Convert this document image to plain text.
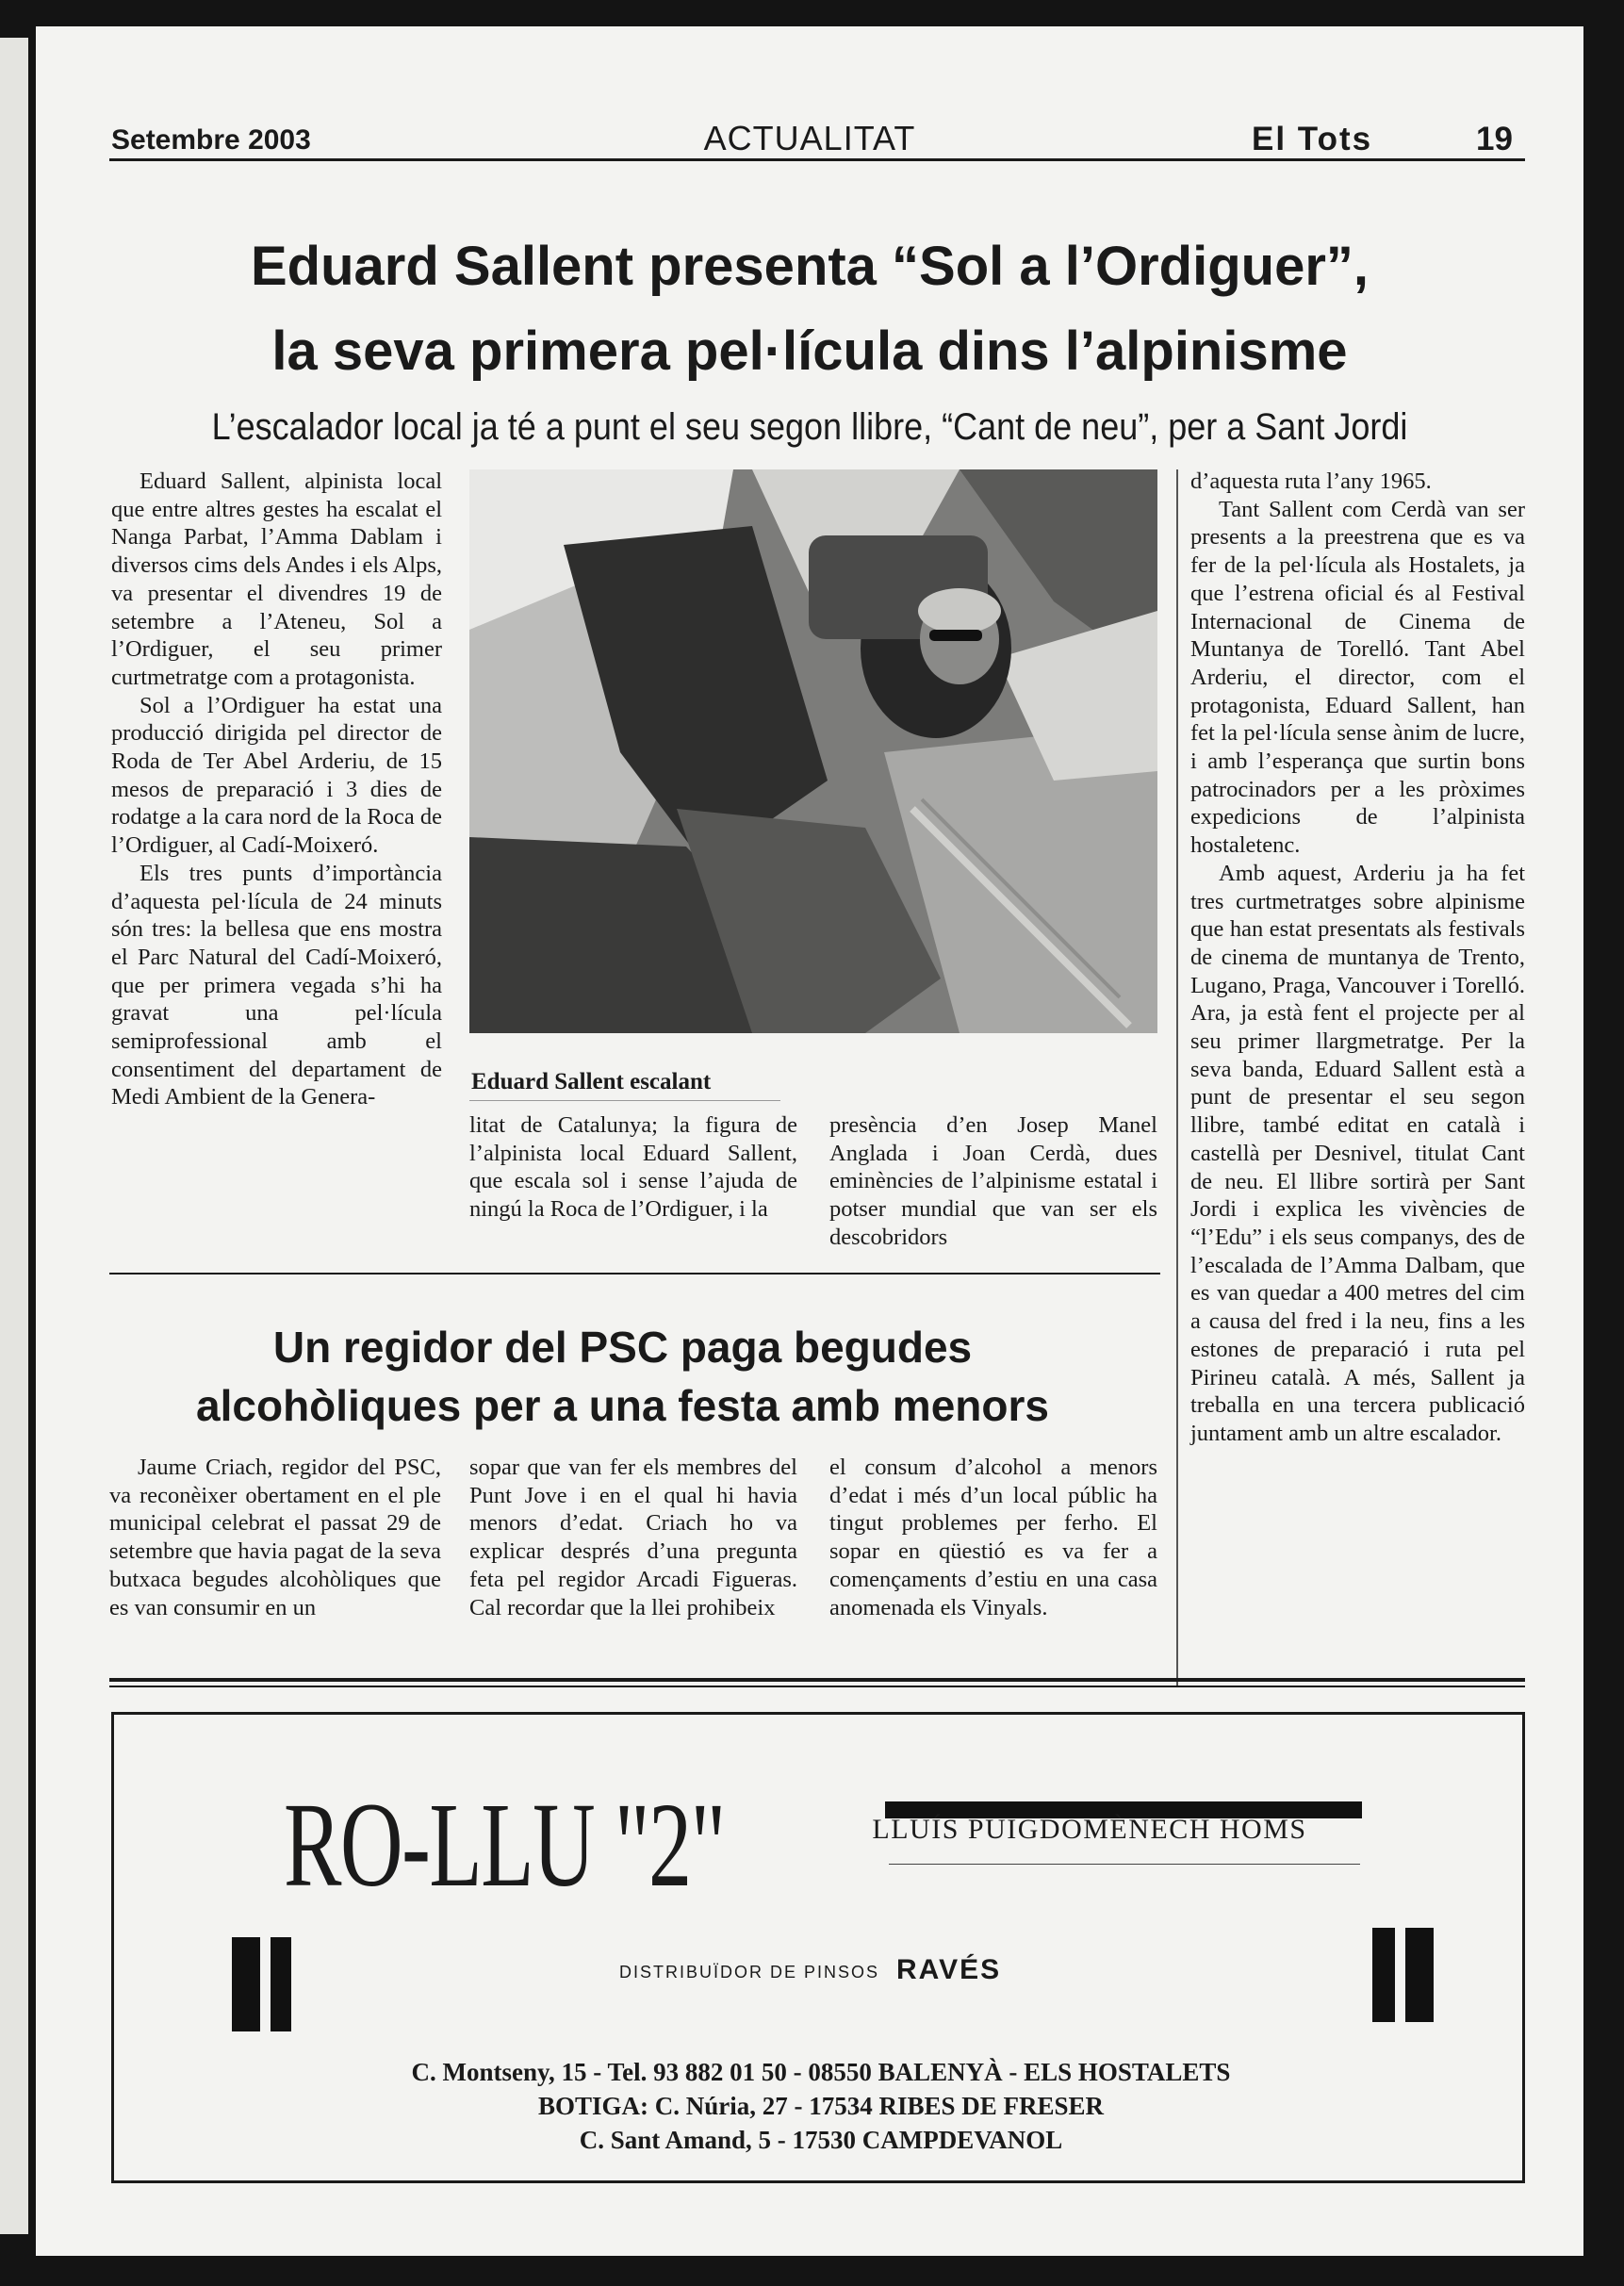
Setembre 2003	ACTUALITAT	El Tots	19
Eduard Sallent presenta “Sol a l’Ordiguer”,
la seva primera pel·lícula dins l’alpinisme
L’escalador local ja té a punt el seu segon llibre, “Cant de neu”, per a Sant Jordi

Eduard Sallent, alpinista local que entre altres gestes ha escalat el Nanga Parbat, l’Amma Dablam i diversos cims dels Andes i els Alps, va presentar el divendres 19 de setembre a l’Ateneu, Sol a l’Ordiguer, el seu primer curtmetratge com a protagonista.

Sol a l’Ordiguer ha estat una producció dirigida pel director de Roda de Ter Abel Arderiu, de 15 mesos de preparació i 3 dies de rodatge a la cara nord de la Roca de l’Ordiguer, al Cadí-Moixeró.

Els tres punts d’importància d’aquesta pel·lícula de 24 minuts són tres: la bellesa que ens mostra el Parc Natural del Cadí-Moixeró, que per primera vegada s’hi ha gravat una pel·lícula semiprofessional amb el consentiment del departament de Medi Ambient de la Genera-

Eduard Sallent escalant

litat de Catalunya; la figura de l’alpinista local Eduard Sallent, que escala sol i sense l’ajuda de ningú la Roca de l’Ordiguer, i la

presència d’en Josep Manel Anglada i Joan Cerdà, dues eminències de l’alpinisme estatal i potser mundial que van ser els descobridors

d’aquesta ruta l’any 1965.

Tant Sallent com Cerdà van ser presents a la preestrena que es va fer de la pel·lícula als Hostalets, ja que l’estrena oficial és al Festival Internacional de Cinema de Muntanya de Torelló. Tant Abel Arderiu, el director, com el protagonista, Eduard Sallent, han fet la pel·lícula sense ànim de lucre, i amb l’esperança que surtin bons patrocinadors per a les pròximes expedicions de l’alpinista hostaletenc.

Amb aquest, Arderiu ja ha fet tres curtmetratges sobre alpinisme que han estat presentats als festivals de cinema de muntanya de Trento, Lugano, Praga, Vancouver i Torelló. Ara, ja està fent el projecte per al seu primer llargmetratge. Per la seva banda, Eduard Sallent està a punt de presentar el seu segon llibre, també editat en català i castellà per Desnivel, titulat Cant de neu. El llibre sortirà per Sant Jordi i explica les vivències de “l’Edu” i els seus companys, des de l’escalada de l’Amma Dalbam, que es van quedar a 400 metres del cim a causa del fred i la neu, fins a les estones de preparació i ruta pel Pirineu català. A més, Sallent ja treballa en una tercera publicació juntament amb un altre escalador.

Un regidor del PSC paga begudes
alcohòliques per a una festa amb menors

Jaume Criach, regidor del PSC, va reconèixer obertament en el ple municipal celebrat el passat 29 de setembre que havia pagat de la seva butxaca begudes alcohòliques que es van consumir en un

sopar que van fer els membres del Punt Jove i en el qual hi havia menors d’edat. Criach ho va explicar després d’una pregunta feta pel regidor Arcadi Figueras. Cal recordar que la llei prohibeix

el consum d’alcohol a menors d’edat i més d’un local públic ha tingut problemes per ferho. El sopar en qüestió es va fer a començaments d’estiu en una casa anomenada els Vinyals.

RO-LLU "2"	LLUÍS PUIGDOMÈNECH HOMS
DISTRIBUÏDOR DE PINSOS RAVÉS
C. Montseny, 15 - Tel. 93 882 01 50 - 08550 BALENYÀ - ELS HOSTALETS
BOTIGA: C. Núria, 27 - 17534 RIBES DE FRESER
C. Sant Amand, 5 - 17530 CAMPDEVANOL
